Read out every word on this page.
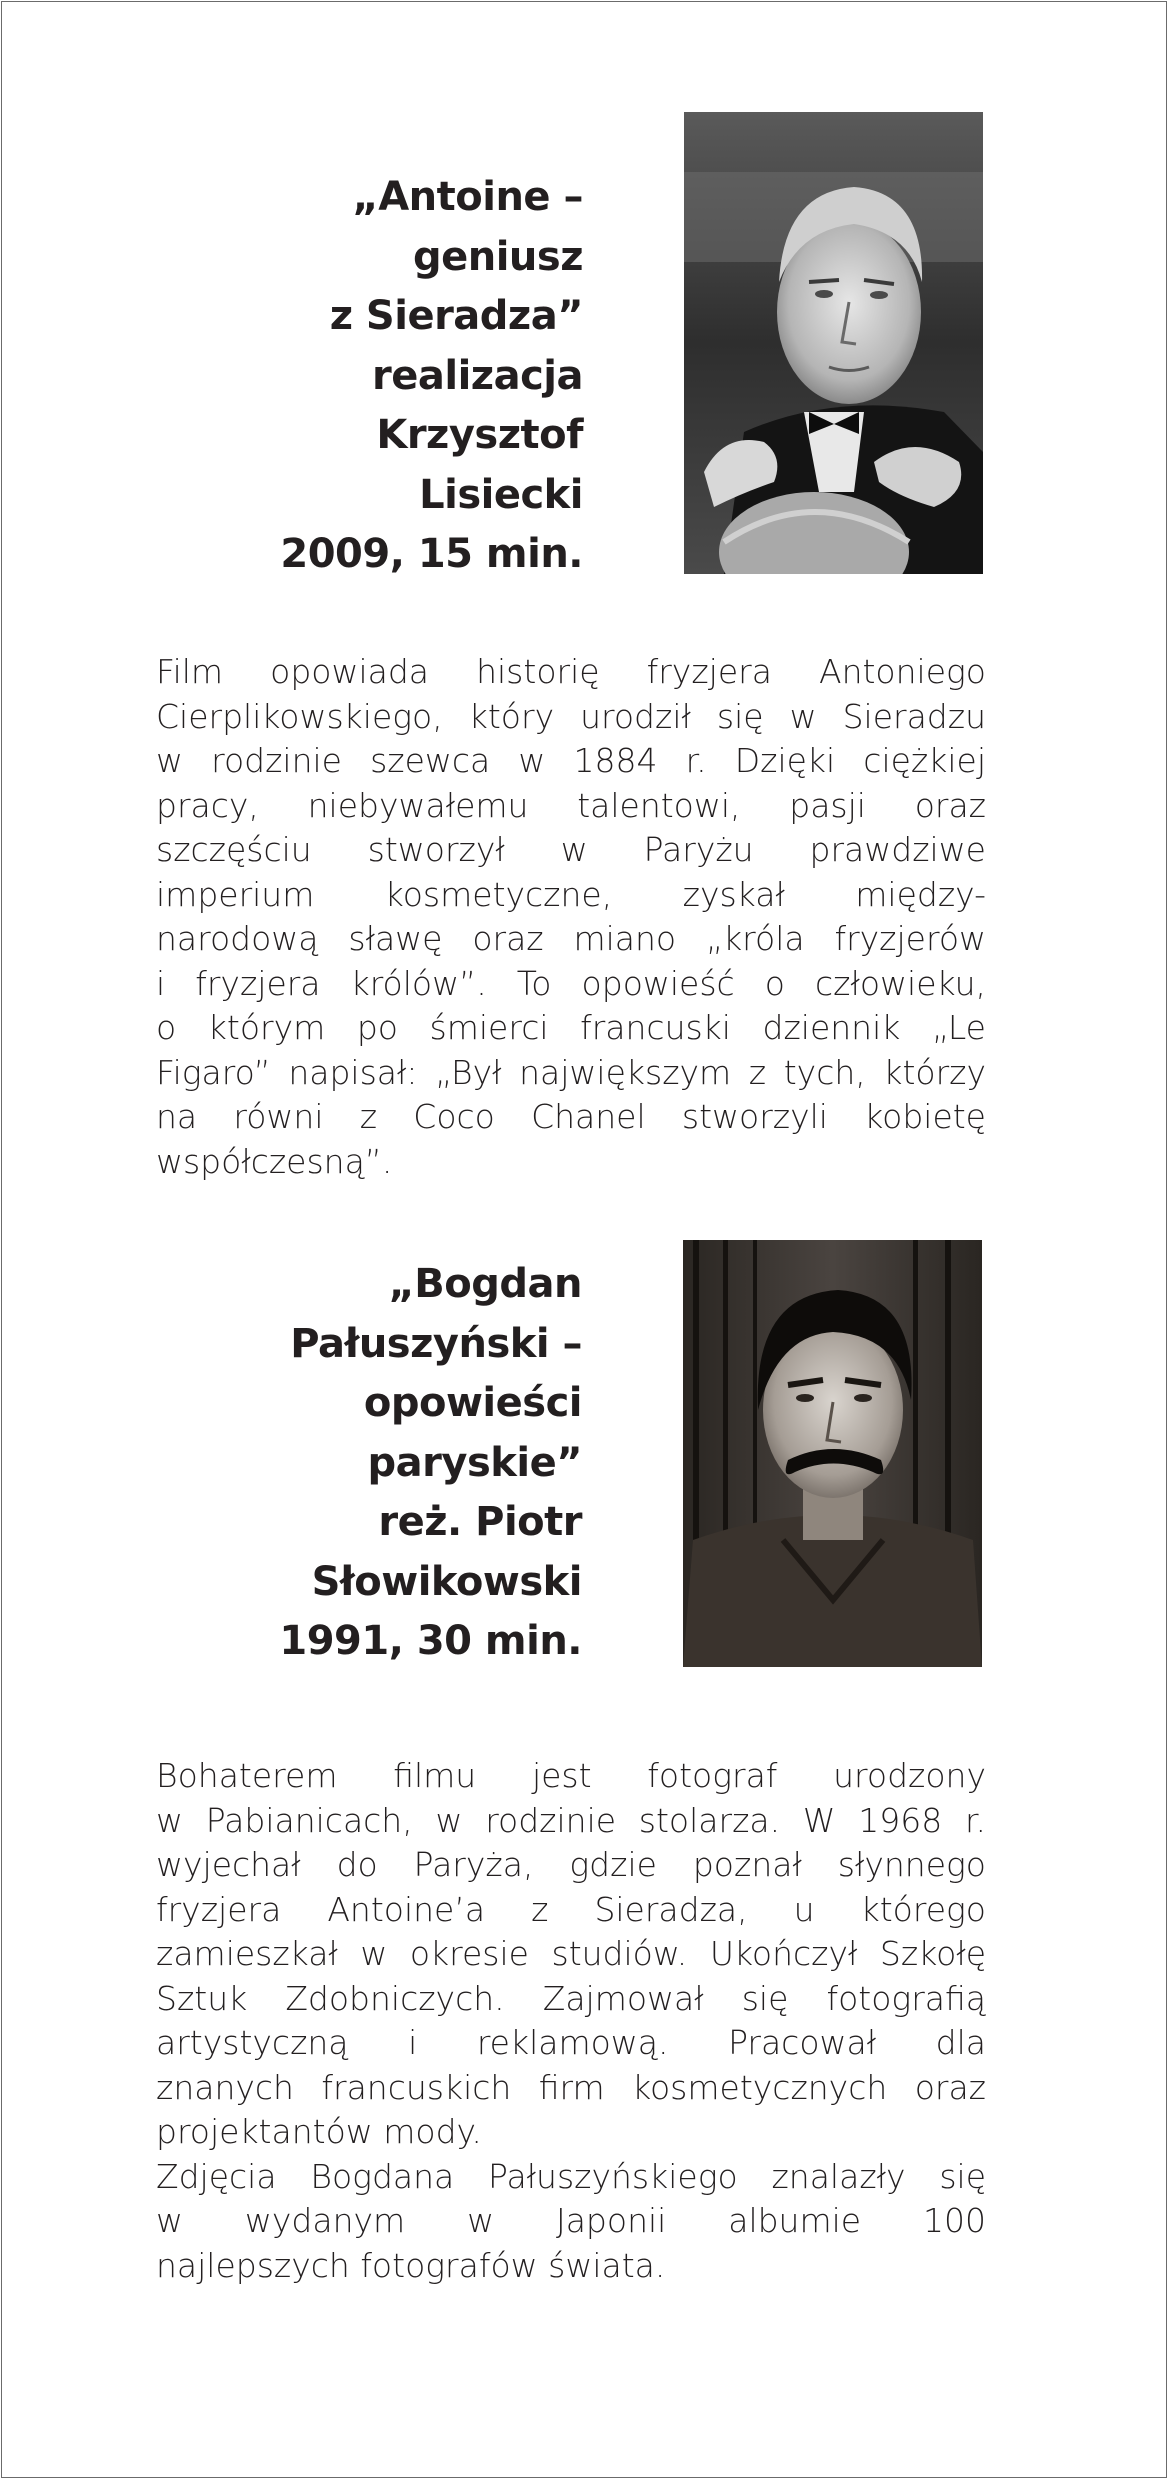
„Antoine –
geniusz
z Sieradza”
realizacja
Krzysztof
Lisiecki
2009, 15 min.
Film opowiada historię fryzjera Antoniego
Cierplikowskiego, który urodził się w Sieradzu
w rodzinie szewca w 1884 r. Dzięki ciężkiej
pracy, niebywałemu talentowi, pasji oraz
szczęściu stworzył w Paryżu prawdziwe
imperium kosmetyczne, zyskał między-
narodową sławę oraz miano „króla fryzjerów
i fryzjera królów”. To opowieść o człowieku,
o którym po śmierci francuski dziennik „Le
Figaro” napisał: „Był największym z tych, którzy
na równi z Coco Chanel stworzyli kobietę
współczesną”.
„Bogdan
Pałuszyński –
opowieści
paryskie”
reż. Piotr
Słowikowski
1991, 30 min.
Bohaterem filmu jest fotograf urodzony
w Pabianicach, w rodzinie stolarza. W 1968 r.
wyjechał do Paryża, gdzie poznał słynnego
fryzjera Antoine’a z Sieradza, u którego
zamieszkał w okresie studiów. Ukończył Szkołę
Sztuk Zdobniczych. Zajmował się fotografią
artystyczną i reklamową. Pracował dla
znanych francuskich firm kosmetycznych oraz
projektantów mody.
Zdjęcia Bogdana Pałuszyńskiego znalazły się
w wydanym w Japonii albumie 100
najlepszych fotografów świata.
